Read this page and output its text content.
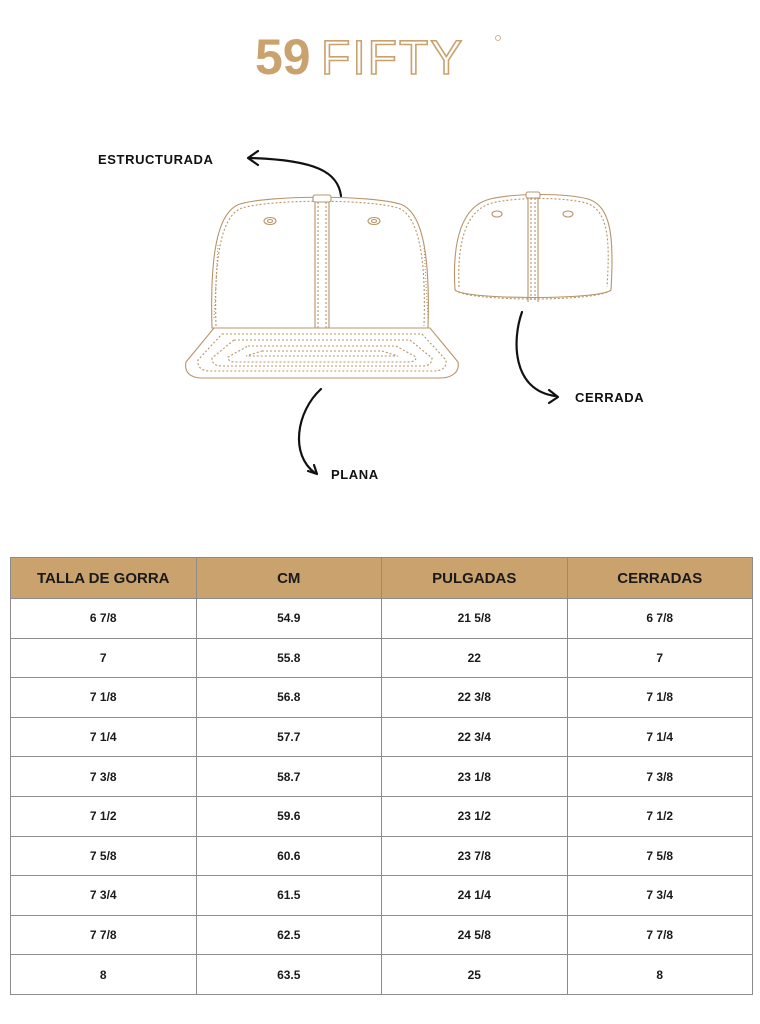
59 FIFTY
ESTRUCTURADA
CERRADA
PLANA
TALLA DE GORRA	CM	PULGADAS	CERRADAS
6 7/8	54.9	21 5/8	6 7/8
7	55.8	22	7
7 1/8	56.8	22 3/8	7 1/8
7 1/4	57.7	22 3/4	7 1/4
7 3/8	58.7	23 1/8	7 3/8
7 1/2	59.6	23 1/2	7 1/2
7 5/8	60.6	23 7/8	7 5/8
7 3/4	61.5	24 1/4	7 3/4
7 7/8	62.5	24 5/8	7 7/8
8	63.5	25	8
